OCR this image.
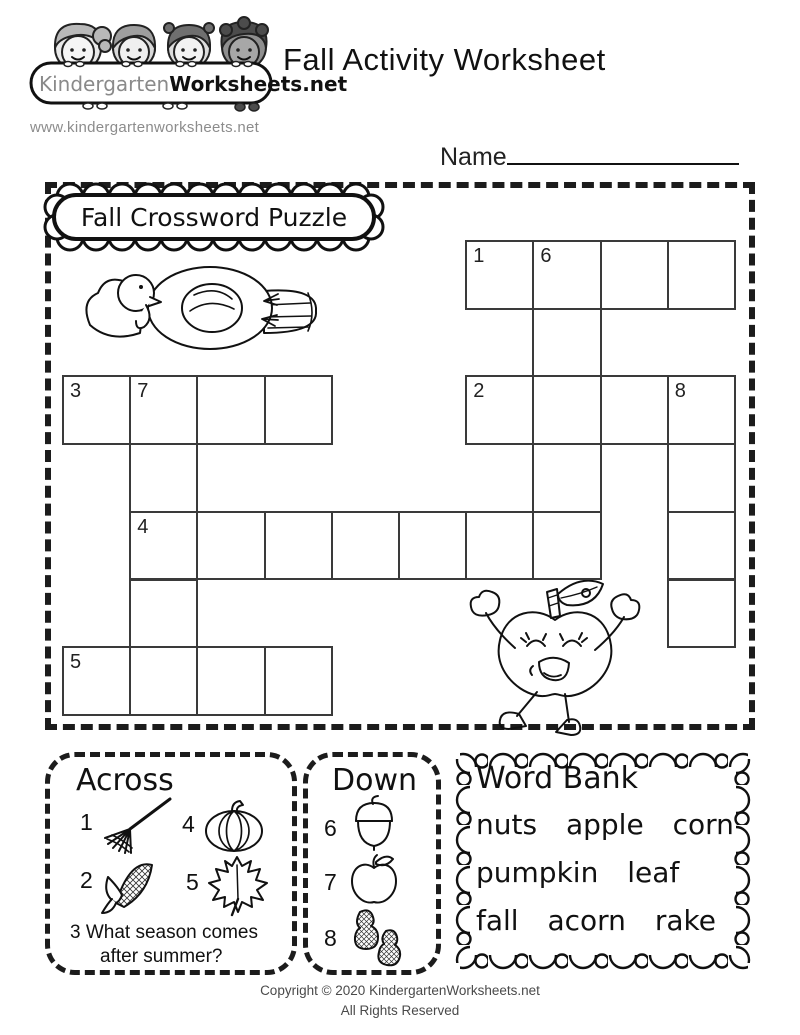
KindergartenWorksheets.net
www.kindergartenworksheets.net
Fall Activity Worksheet
Name
Fall Crossword Puzzle
1	6
3	7	2	8
4
5
Across
1	4
2	5
3 What season comes
after summer?
Down
6
7
8
Word Bank
nuts apple corn
pumpkin leaf
fall acorn rake
Copyright © 2020 KindergartenWorksheets.net
All Rights Reserved
